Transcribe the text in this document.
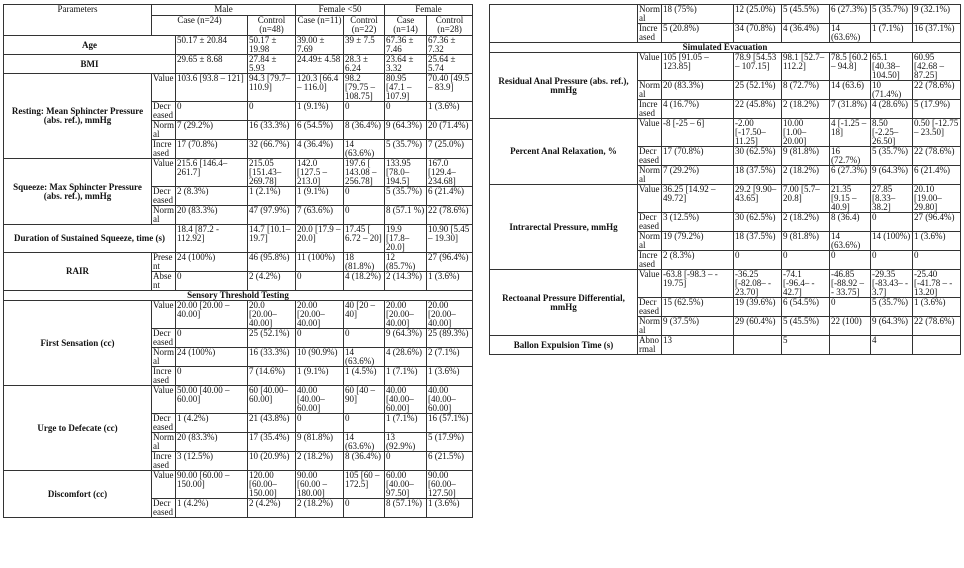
Parameters	Male			Female <50		Female	
	Case (n=24)		Control (n=48)	Case (n=11)	Control (n=22)	Case (n=14)	Control (n=28)
Age		50.17 ± 20.84	50.17 ± 19.98	39.00 ± 7.69	39 ± 7.5	67.36 ± 7.46	67.36 ± 7.32
BMI		29.65 ± 8.68	27.84 ± 5.93	24.49± 4.58	28.3 ± 6.24	23.64 ± 3.32	25.64 ± 5.74
Resting: Mean Sphincter Pressure (abs. ref.), mmHg	Value	103.6 [93.8 – 121]	94.3 [79.7– 110.9]	120.3 [66.4 – 116.0]	98.2 [79.75 – 108.75]	80.95 [47.1 – 107.9]	70.40 [49.5 – 83.9]
	Decreased	0	0	1 (9.1%)	0	0	1 (3.6%)
	Normal	7 (29.2%)	16 (33.3%)	6 (54.5%)	8 (36.4%)	9 (64.3%)	20 (71.4%)
	Increased	17 (70.8%)	32 (66.7%)	4 (36.4%)	14 (63.6%)	5 (35.7%)	7 (25.0%)
Squeeze: Max Sphincter Pressure (abs. ref.), mmHg	Value	215.6 [146.4– 261.7]	215.05 [151.43– 269.78]	142.0 [127.5 – 213.0]	197.6 [ 143.08 – 256.78]	133.95 [78.0– 194.5]	167.0 [129.4– 234.68]
	Decreased	2 (8.3%)	1 (2.1%)	1 (9.1%)	0	5 (35.7%)	6 (21.4%)
	Normal	20 (83.3%)	47 (97.9%)	7 (63.6%)	0	8 (57.1 %)	22 (78.6%)
Duration of Sustained Squeeze, time (s)		18.4 [87.2 - 112.92]	14.7 [10.1– 19.7]	20.0 [17.9 – 20.0]	17.45 [ 6.72 – 20]	19.9 [17.8– 20.0]	10.90 [5.45 – 19.30]
RAIR	Present	24 (100%)	46 (95.8%)	11 (100%)	18 (81.8%)	12 (85.7%)	27 (96.4%)
	Absent	0	2 (4.2%)	0	4 (18.2%)	2 (14.3%)	1 (3.6%)
Sensory Threshold Testing							
First Sensation (cc)	Value	20.00 [20.00 – 40.00]	20.0 [20.00– 40.00]	20.00 [20.00– 40.00]	40 [20 – 40]	20.00 [20.00– 40.00]	20.00 [20.00– 40.00]
	Decreased	0	25 (52.1%)	0	0	9 (64.3%)	25 (89.3%)
	Normal	24 (100%)	16 (33.3%)	10 (90.9%)	14 (63.6%)	4 (28.6%)	2 (7.1%)
	Increased	0	7 (14.6%)	1 (9.1%)	1 (4.5%)	1 (7.1%)	1 (3.6%)
Urge to Defecate (cc)	Value	50.00 [40.00 – 60.00]	60 [40.00– 60.00]	40.00 [40.00– 60.00]	60 [40 – 90]	40.00 [40.00– 60.00]	40.00 [40.00– 60.00]
	Decreased	1 (4.2%)	21 (43.8%)	0	0	1 (7.1%)	16 (57.1%)
	Normal	20 (83.3%)	17 (35.4%)	9 (81.8%)	14 (63.6%)	13 (92.9%)	5 (17.9%)
	Increased	3 (12.5%)	10 (20.9%)	2 (18.2%)	8 (36.4%)	0	6 (21.5%)
Discomfort (cc)	Value	90.00 [60.00 – 150.00]	120.00 [60.00– 150.00]	90.00 [60.00 – 180.00]	105 [60 – 172.5]	60.00 [40.00– 97.50]	90.00 [60.00– 127.50]
	Decreased	1 (4.2%)	2 (4.2%)	2 (18.2%)	0	8 (57.1%)	1 (3.6%)
	Normal	18 (75%)	12 (25.0%)	5 (45.5%)	6 (27.3%)	5 (35.7%)	9 (32.1%)
	Increased	5 (20.8%)	34 (70.8%)	4 (36.4%)	14 (63.6%)	1 (7.1%)	16 (37.1%)
Simulated Evacuation							
Residual Anal Pressure (abs. ref.), mmHg	Value	105 [91.05 – 123.85]	78.9 [54.53 – 107.15]	98.1 [52.7– 112.2]	78.5 [60.2 – 94.8]	65.1 [40.38– 104.50]	60.95 [42.68 – 87.25]
	Normal	20 (83.3%)	25 (52.1%)	8 (72.7%)	14 (63.6)	10 (71.4%)	22 (78.6%)
	Increased	4 (16.7%)	22 (45.8%)	2 (18.2%)	7 (31.8%)	4 (28.6%)	5 (17.9%)
Percent Anal Relaxation, %	Value	-8 [-25 – 6]	-2.00 [-17.50– 11.25]	10.00 [1.00– 20.00]	4 [-1.25 – 18]	8.50 [-2.25– 26.50]	0.50 [-12.75 – 23.50]
	Decreased	17 (70.8%)	30 (62.5%)	9 (81.8%)	16 (72.7%)	5 (35.7%)	22 (78.6%)
	Normal	7 (29.2%)	18 (37.5%)	2 (18.2%)	6 (27.3%)	9 (64.3%)	6 (21.4%)
Intrarectal Pressure, mmHg	Value	36.25 [14.92 – 49.72]	29.2 [9.90– 43.65]	7.00 [5.7– 20.8]	21.35 [9.15 – 40.9]	27.85 [8.33– 38.2]	20.10 [19.00– 29.80]
	Decreased	3 (12.5%)	30 (62.5%)	2 (18.2%)	8 (36.4)	0	27 (96.4%)
	Normal	19 (79.2%)	18 (37.5%)	9 (81.8%)	14 (63.6%)	14 (100%)	1 (3.6%)
	Increased	2 (8.3%)	0	0	0	0	0
Rectoanal Pressure Differential, mmHg	Value	-63.8 [-98.3 – - 19.75]	-36.25 [-82.08– - 23.70]	-74.1 [-96.4– - 42.7]	-46.85 [-88.92 – - 33.75]	-29.35 [-83.43– - 3.7]	-25.40 [-41.78 – - 13.20]
	Decreased	15 (62.5%)	19 (39.6%)	6 (54.5%)	0	5 (35.7%)	1 (3.6%)
	Normal	9 (37.5%)	29 (60.4%)	5 (45.5%)	22 (100)	9 (64.3%)	22 (78.6%)
Ballon Expulsion Time (s)	Abnormal	13		5		4	
